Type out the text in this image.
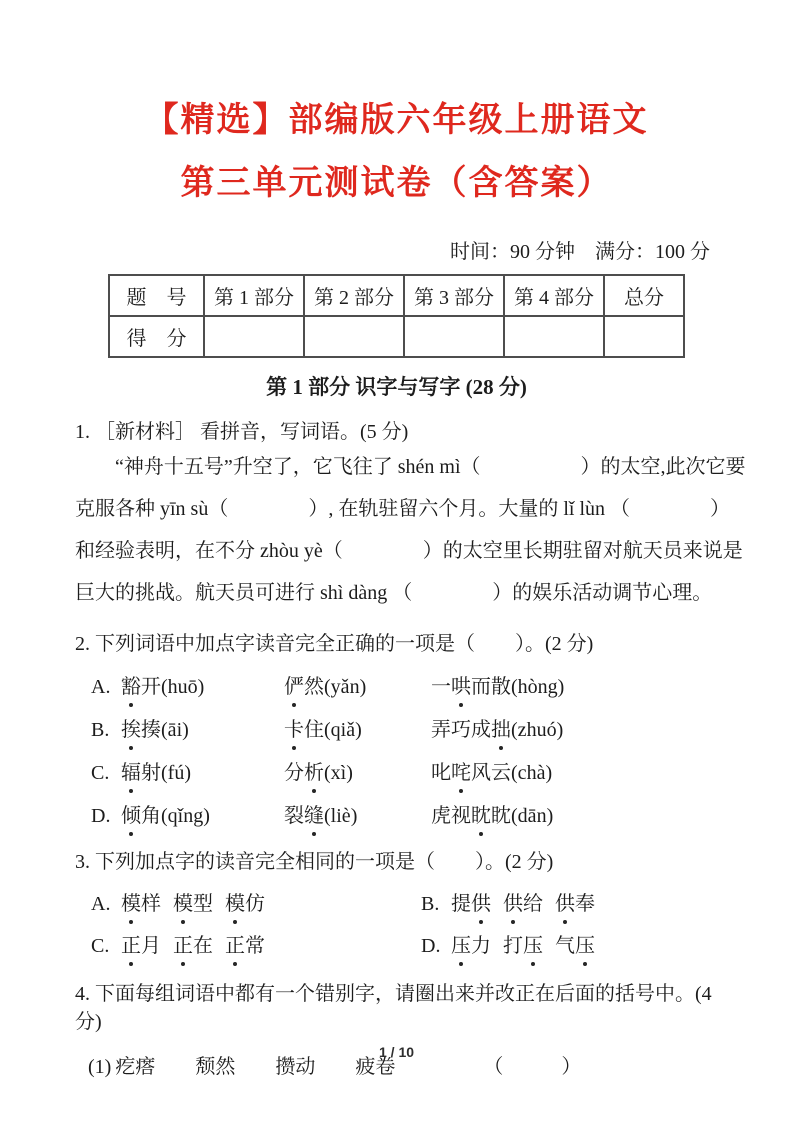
【精选】部编版六年级上册语文
第三单元测试卷（含答案）
时间：90 分钟　满分：100 分
题　号	第 1 部分	第 2 部分	第 3 部分	第 4 部分	总分
得　分					
第 1 部分 识字与写字 (28 分)
1. ［新材料］ 看拼音，写词语。(5 分)
“神舟十五号”升空了，它飞往了 shén mì（　　　　　）的太空,此次它要
克服各种 yīn sù（　　　　）, 在轨驻留六个月。大量的 lǐ lùn （　　　　）
和经验表明，在不分 zhòu yè（　　　　）的太空里长期驻留对航天员来说是
巨大的挑战。航天员可进行 shì dàng （　　　　）的娱乐活动调节心理。
2. 下列词语中加点字读音完全正确的一项是（　　）。(2 分)
A. 豁开(huō)	俨然(yǎn)	一哄而散(hòng)
B. 挨揍(āi)	卡住(qiǎ)	弄巧成拙(zhuó)
C. 辐射(fú)	分析(xì)	叱咤风云(chà)
D. 倾角(qǐng)	裂缝(liè)	虎视眈眈(dān)
3. 下列加点字的读音完全相同的一项是（　　）。(2 分)
A. 模样 模型 模仿	B. 提供 供给 供奉
C. 正月 正在 正常	D. 压力 打压 气压
4. 下面每组词语中都有一个错别字，请圈出来并改正在后面的括号中。(4 分)
(1) 疙瘩 颓然 攒动 疲卷	（　　）
1 / 10
